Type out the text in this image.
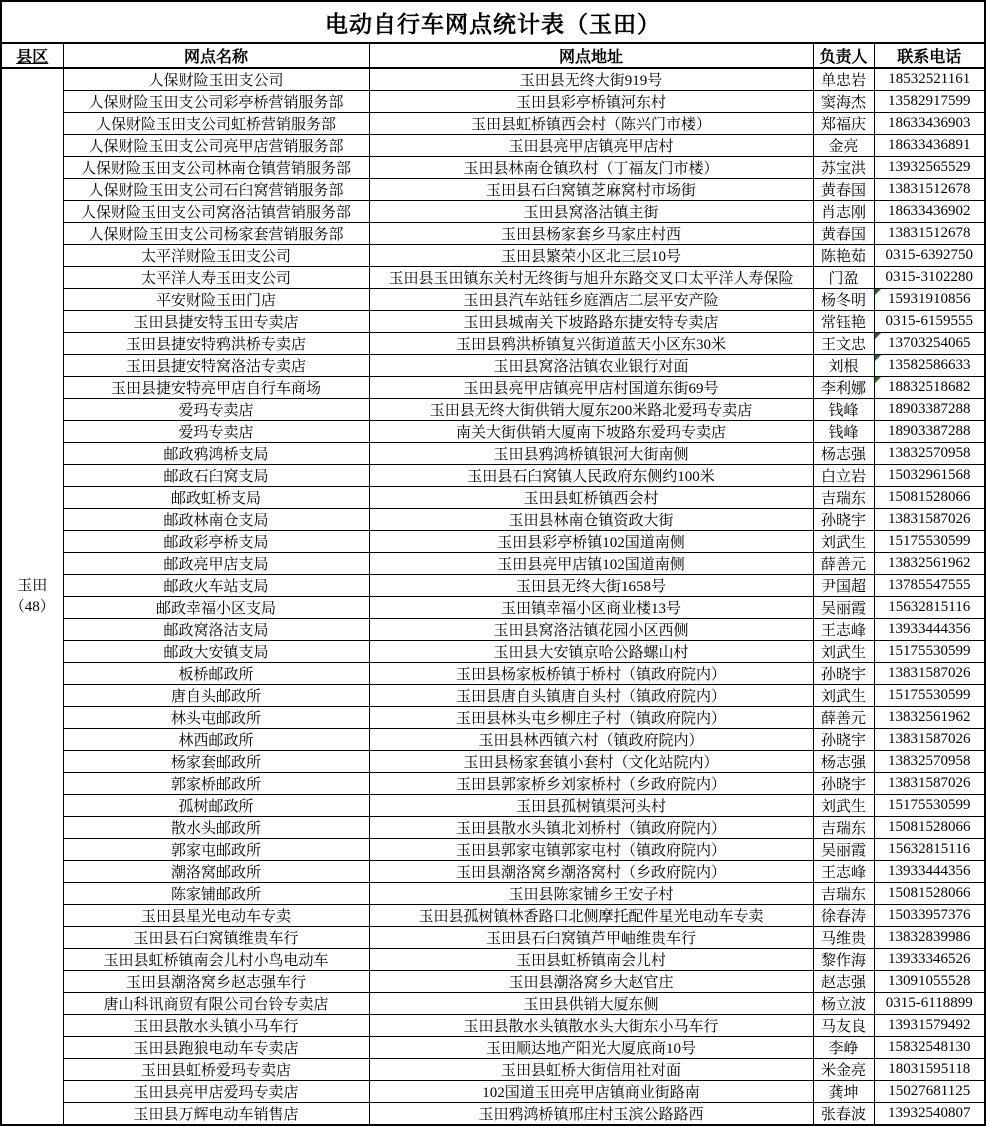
电动自行车网点统计表（玉田）				
县区	网点名称	网点地址	负责人	联系电话

玉田
（48）	人保财险玉田支公司	玉田县无终大街919号	单忠岩	18532521161
	人保财险玉田支公司彩亭桥营销服务部	玉田县彩亭桥镇河东村	窦海杰	13582917599
	人保财险玉田支公司虹桥营销服务部	玉田县虹桥镇西会村（陈兴门市楼）	郑福庆	18633436903
	人保财险玉田支公司亮甲店营销服务部	玉田县亮甲店镇亮甲店村	金亮	18633436891
	人保财险玉田支公司林南仓镇营销服务部	玉田县林南仓镇玖村（丁福友门市楼）	苏宝洪	13932565529
	人保财险玉田支公司石臼窝营销服务部	玉田县石臼窝镇芝麻窝村市场街	黄春国	13831512678
	人保财险玉田支公司窝洛沽镇营销服务部	玉田县窝洛沽镇主街	肖志刚	18633436902
	人保财险玉田支公司杨家套营销服务部	玉田县杨家套乡马家庄村西	黄春国	13831512678
	太平洋财险玉田支公司	玉田县繁荣小区北三层10号	陈艳茹	0315-6392750
	太平洋人寿玉田支公司	玉田县玉田镇东关村无终街与旭升东路交叉口太平洋人寿保险	门盈	0315-3102280
	平安财险玉田门店	玉田县汽车站钰乡庭酒店二层平安产险	杨冬明	15931910856
	玉田县捷安特玉田专卖店	玉田县城南关下坡路路东捷安特专卖店	常钰艳	0315-6159555
	玉田县捷安特鸦洪桥专卖店	玉田县鸦洪桥镇复兴街道蓝天小区东30米	王文忠	13703254065
	玉田县捷安特窝洛沽专卖店	玉田县窝洛沽镇农业银行对面	刘根	13582586633
	玉田县捷安特亮甲店自行车商场	玉田县亮甲店镇亮甲店村国道东街69号	李利娜	18832518682
	爱玛专卖店	玉田县无终大街供销大厦东200米路北爱玛专卖店	钱峰	18903387288
	爱玛专卖店	南关大街供销大厦南下坡路东爱玛专卖店	钱峰	18903387288
	邮政鸦鸿桥支局	玉田县鸦鸿桥镇银河大街南侧	杨志强	13832570958
	邮政石臼窝支局	玉田县石臼窝镇人民政府东侧约100米	白立岩	15032961568
	邮政虹桥支局	玉田县虹桥镇西会村	吉瑞东	15081528066
	邮政林南仓支局	玉田县林南仓镇资政大街	孙晓宇	13831587026
	邮政彩亭桥支局	玉田县彩亭桥镇102国道南侧	刘武生	15175530599
	邮政亮甲店支局	玉田县亮甲店镇102国道南侧	薛善元	13832561962
	邮政火车站支局	玉田县无终大街1658号	尹国超	13785547555
	邮政幸福小区支局	玉田镇幸福小区商业楼13号	吴丽霞	15632815116
	邮政窝洛沽支局	玉田县窝洛沽镇花园小区西侧	王志峰	13933444356
	邮政大安镇支局	玉田县大安镇京哈公路螺山村	刘武生	15175530599
	板桥邮政所	玉田县杨家板桥镇于桥村（镇政府院内）	孙晓宇	13831587026
	唐自头邮政所	玉田县唐自头镇唐自头村（镇政府院内）	刘武生	15175530599
	林头屯邮政所	玉田县林头屯乡柳庄子村（镇政府院内）	薛善元	13832561962
	林西邮政所	玉田县林西镇六村（镇政府院内）	孙晓宇	13831587026
	杨家套邮政所	玉田县杨家套镇小套村（文化站院内）	杨志强	13832570958
	郭家桥邮政所	玉田县郭家桥乡刘家桥村（乡政府院内）	孙晓宇	13831587026
	孤树邮政所	玉田县孤树镇渠河头村	刘武生	15175530599
	散水头邮政所	玉田县散水头镇北刘桥村（镇政府院内）	吉瑞东	15081528066
	郭家屯邮政所	玉田县郭家屯镇郭家屯村（镇政府院内）	吴丽霞	15632815116
	潮洛窝邮政所	玉田县潮洛窝乡潮洛窝村（乡政府院内）	王志峰	13933444356
	陈家铺邮政所	玉田县陈家铺乡王安子村	吉瑞东	15081528066
	玉田县星光电动车专卖	玉田县孤树镇林香路口北侧摩托配件星光电动车专卖	徐春涛	15033957376
	玉田县石臼窝镇维贵车行	玉田县石臼窝镇芦甲岫维贵车行	马维贵	13832839986
	玉田县虹桥镇南会儿村小鸟电动车	玉田县虹桥镇南会儿村	黎作海	13933346526
	玉田县潮洛窝乡赵志强车行	玉田县潮洛窝乡大赵官庄	赵志强	13091055528
	唐山科讯商贸有限公司台铃专卖店	玉田县供销大厦东侧	杨立波	0315-6118899
	玉田县散水头镇小马车行	玉田县散水头镇散水头大街东小马车行	马友良	13931579492
	玉田县跑狼电动车专卖店	玉田顺达地产阳光大厦底商10号	李峥	15832548130
	玉田县虹桥爱玛专卖店	玉田县虹桥大街信用社对面	米金亮	18031595118
	玉田县亮甲店爱玛专卖店	102国道玉田亮甲店镇商业街路南	龚坤	15027681125
	玉田县万辉电动车销售店	玉田鸦鸿桥镇邢庄村玉滨公路路西	张春波	13932540807
